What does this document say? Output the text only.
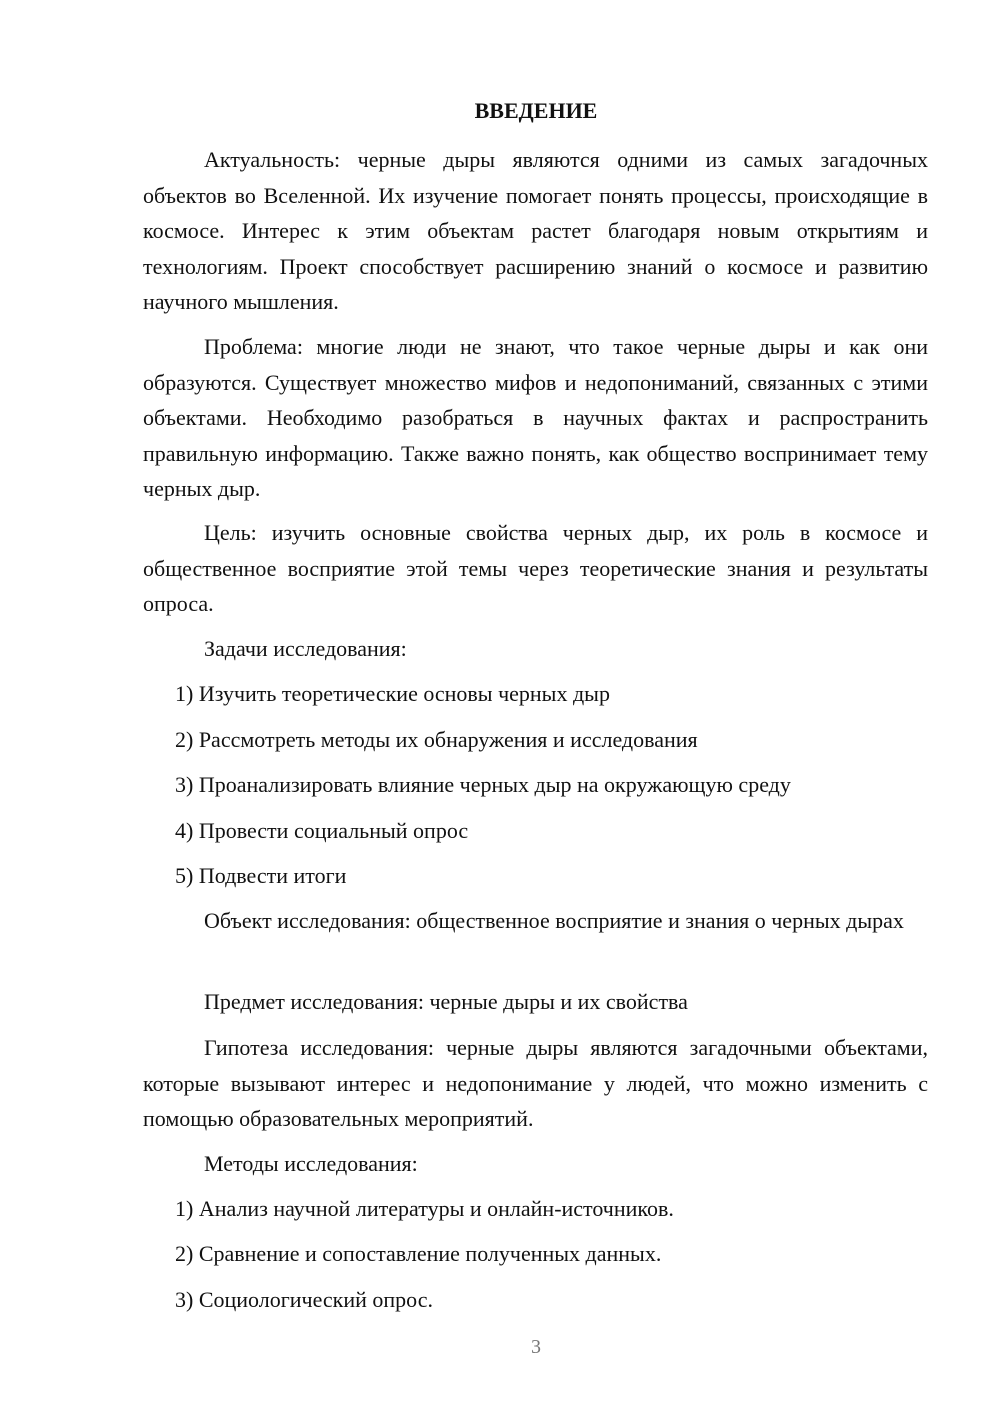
ВВЕДЕНИЕ

Актуальность: черные дыры являются одними из самых загадочных объектов во Вселенной. Их изучение помогает понять процессы, происходящие в космосе. Интерес к этим объектам растет благодаря новым открытиям и технологиям. Проект способствует расширению знаний о космосе и развитию научного мышления.

Проблема: многие люди не знают, что такое черные дыры и как они образуются. Существует множество мифов и недопониманий, связанных с этими объектами. Необходимо разобраться в научных фактах и распространить правильную информацию. Также важно понять, как общество воспринимает тему черных дыр.

Цель: изучить основные свойства черных дыр, их роль в космосе и общественное восприятие этой темы через теоретические знания и результаты опроса.

Задачи исследования:
1) Изучить теоретические основы черных дыр
2) Рассмотреть методы их обнаружения и исследования
3) Проанализировать влияние черных дыр на окружающую среду
4) Провести социальный опрос
5) Подвести итоги

Объект исследования: общественное восприятие и знания о черных дырах

Предмет исследования: черные дыры и их свойства

Гипотеза исследования: черные дыры являются загадочными объектами, которые вызывают интерес и недопонимание у людей, что можно изменить с помощью образовательных мероприятий.

Методы исследования:
1) Анализ научной литературы и онлайн-источников.
2) Сравнение и сопоставление полученных данных.
3) Социологический опрос.
3
